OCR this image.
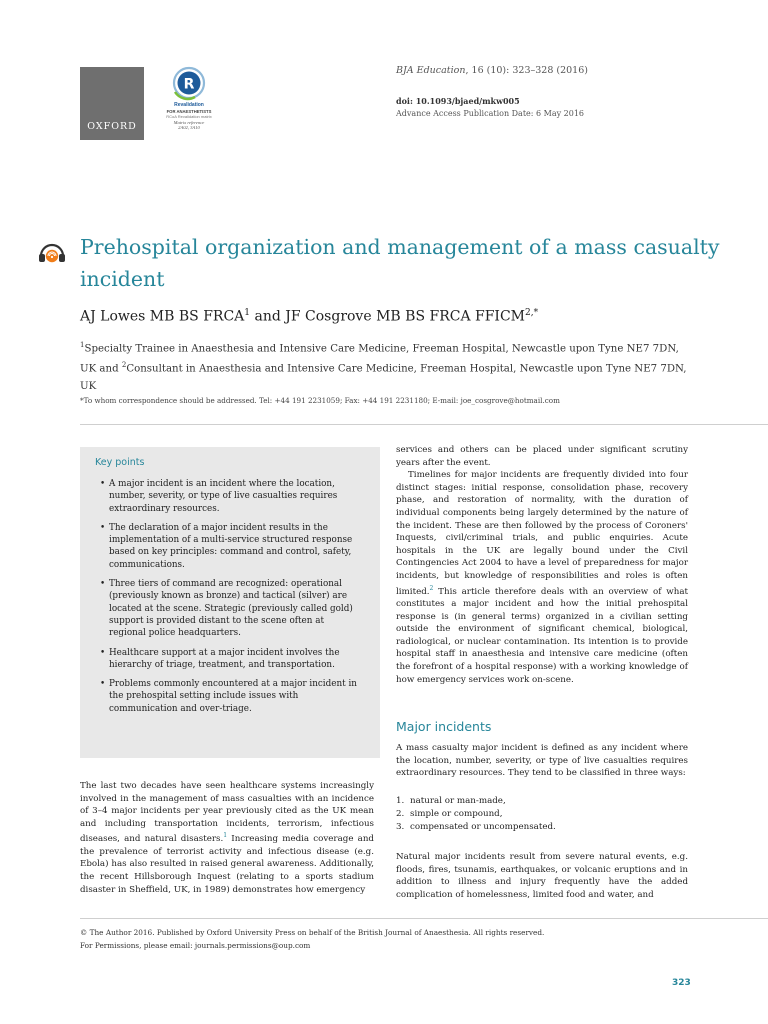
OXFORD
R
Revalidation
FOR ANAESTHETISTS
RCoA Revalidation matrix
Matrix reference
2A02, 3A10
BJA Education, 16 (10): 323–328 (2016)
doi: 10.1093/bjaed/mkw005
Advance Access Publication Date: 6 May 2016
Prehospital organization and management of a mass casualty incident
AJ Lowes MB BS FRCA$^1$ and JF Cosgrove MB BS FRCA $FFICM^{2,*}$
$^1$Specialty Trainee in Anaesthesia and Intensive Care Medicine, Freeman Hospital, Newcastle upon Tyne NE7 7DN, UK and $^2$Consultant in Anaesthesia and Intensive Care Medicine, Freeman Hospital, Newcastle upon Tyne NE7 7DN, UK
*To whom correspondence should be addressed. Tel: +44 191 2231059; Fax: +44 191 2231180; E-mail: joe_cosgrove@hotmail.com
Key points
• A major incident is an incident where the location, number, severity, or type of live casualties requires extraordinary resources.
• The declaration of a major incident results in the implementation of a multi-service structured response based on key principles: command and control, safety, communications.
• Three tiers of command are recognized: operational (previously known as bronze) and tactical (silver) are located at the scene. Strategic (previously called gold) support is provided distant to the scene often at regional police headquarters.
• Healthcare support at a major incident involves the hierarchy of triage, treatment, and transportation.
• Problems commonly encountered at a major incident in the prehospital setting include issues with communication and over-triage.

The last two decades have seen healthcare systems increasingly involved in the management of mass casualties with an incidence of 3–4 major incidents per year previously cited as the UK mean and including transportation incidents, terrorism, infectious diseases, and natural disasters.$^1$ Increasing media coverage and the prevalence of terrorist activity and infectious disease (e.g. Ebola) has also resulted in raised general awareness. Additionally, the recent Hillsborough Inquest (relating to a sports stadium disaster in Sheffield, UK, in 1989) demonstrates how emergency

services and others can be placed under significant scrutiny years after the event.

Timelines for major incidents are frequently divided into four distinct stages: initial response, consolidation phase, recovery phase, and restoration of normality, with the duration of individual components being largely determined by the nature of the incident. These are then followed by the process of Coroners' Inquests, civil/criminal trials, and public enquiries. Acute hospitals in the UK are legally bound under the Civil Contingencies Act 2004 to have a level of preparedness for major incidents, but knowledge of responsibilities and roles is often limited.$^2$ This article therefore deals with an overview of what constitutes a major incident and how the initial prehospital response is (in general terms) organized in a civilian setting outside the environment of significant chemical, biological, radiological, or nuclear contamination. Its intention is to provide hospital staff in anaesthesia and intensive care medicine (often the forefront of a hospital response) with a working knowledge of how emergency services work on-scene.

Major incidents

A mass casualty major incident is defined as any incident where the location, number, severity, or type of live casualties requires extraordinary resources. They tend to be classified in three ways:

1. natural or man-made,
2. simple or compound,
3. compensated or uncompensated.

Natural major incidents result from severe natural events, e.g. floods, fires, tsunamis, earthquakes, or volcanic eruptions and in addition to illness and injury frequently have the added complication of homelessness, limited food and water, and

© The Author 2016. Published by Oxford University Press on behalf of the British Journal of Anaesthesia. All rights reserved.
For Permissions, please email: journals.permissions@oup.com
323
